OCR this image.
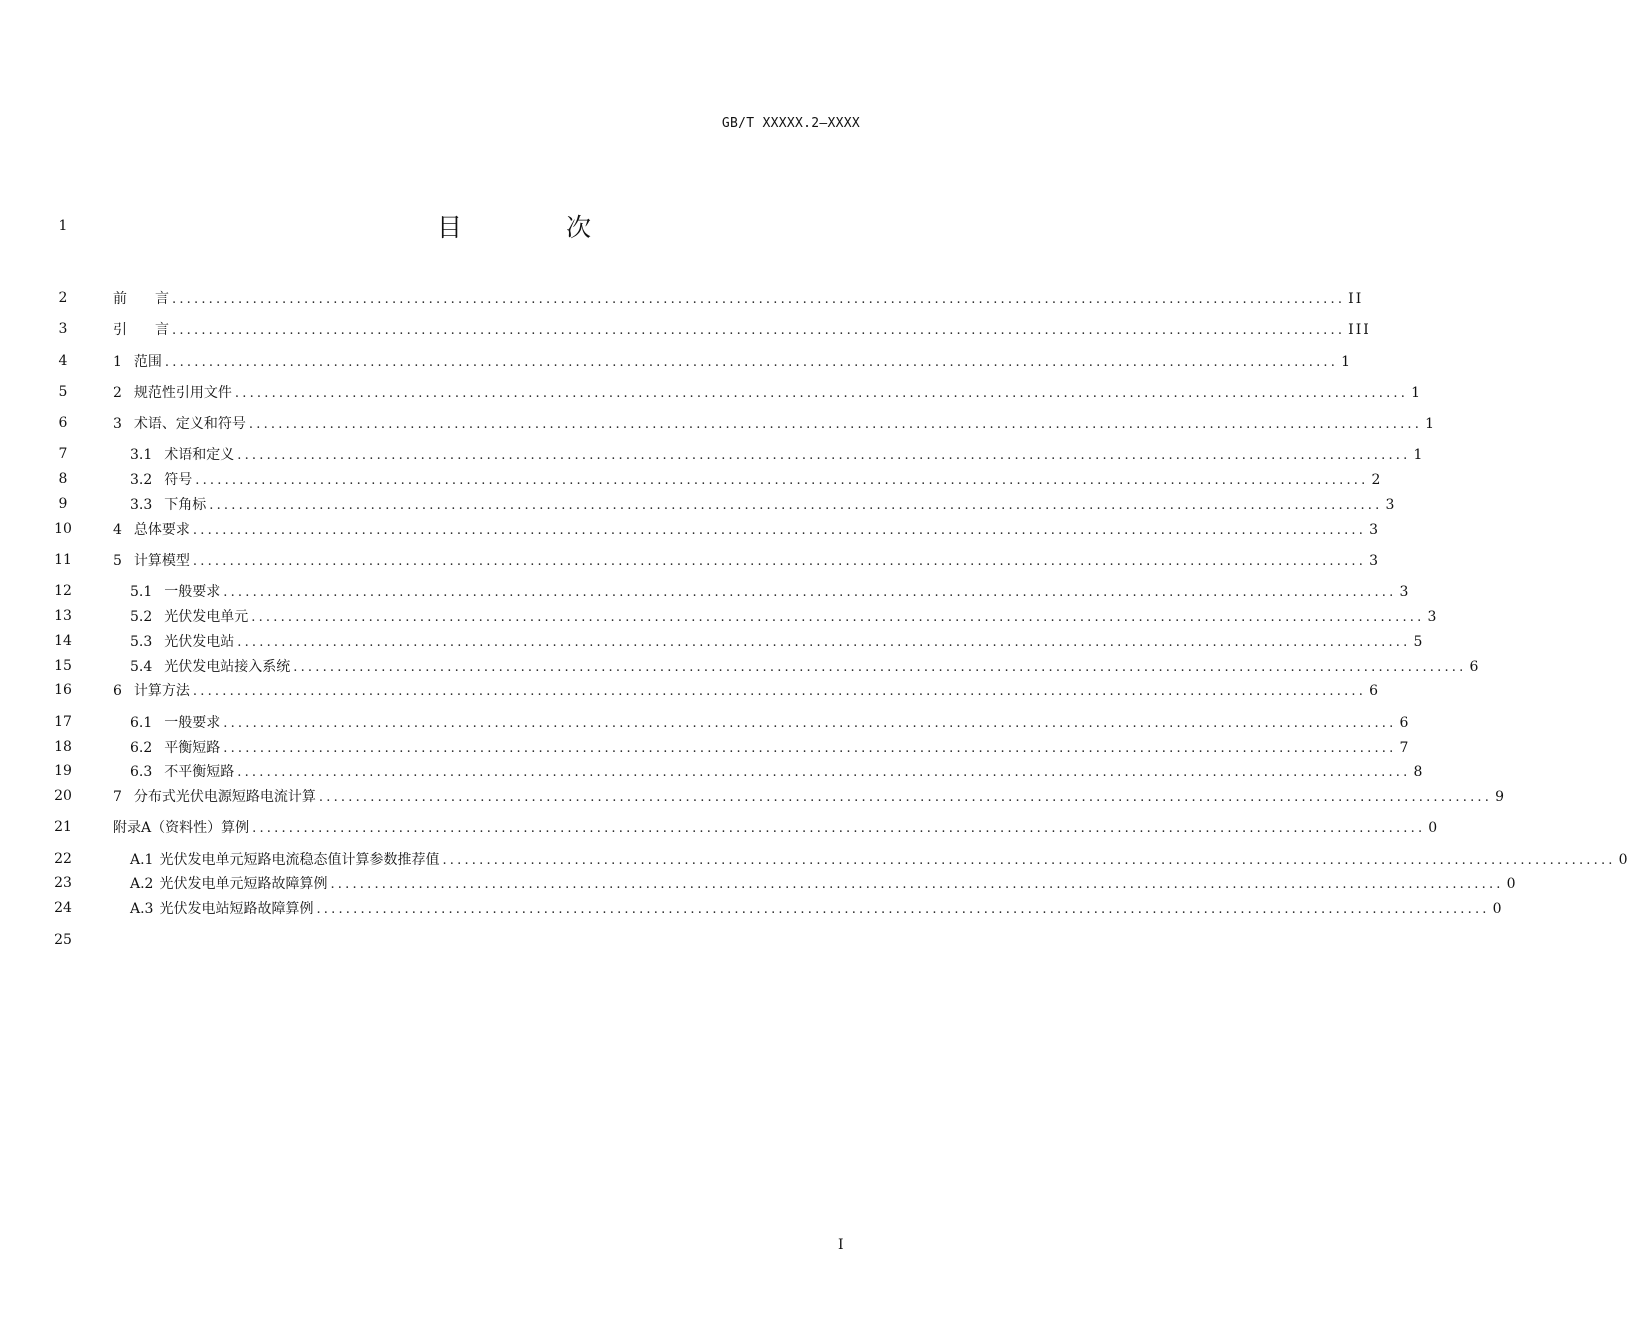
GB/T XXXXX.2—XXXX
1	目 次
2	前　　言 ................................................................................................................................................................ II
3	引　　言 ................................................................................................................................................................ III
4	1 范围 ................................................................................................................................................................ 1
5	2 规范性引用文件 ................................................................................................................................................................ 1
6	3 术语、定义和符号 ................................................................................................................................................................ 1
7	3.1 术语和定义 ................................................................................................................................................................ 1
8	3.2 符号 ................................................................................................................................................................ 2
9	3.3 下角标 ................................................................................................................................................................ 3
10	4 总体要求 ................................................................................................................................................................ 3
11	5 计算模型 ................................................................................................................................................................ 3
12	5.1 一般要求 ................................................................................................................................................................ 3
13	5.2 光伏发电单元 ................................................................................................................................................................ 3
14	5.3 光伏发电站 ................................................................................................................................................................ 5
15	5.4 光伏发电站接入系统 ................................................................................................................................................................ 6
16	6 计算方法 ................................................................................................................................................................ 6
17	6.1 一般要求 ................................................................................................................................................................ 6
18	6.2 平衡短路 ................................................................................................................................................................ 7
19	6.3 不平衡短路 ................................................................................................................................................................ 8
20	7 分布式光伏电源短路电流计算 ................................................................................................................................................................ 9
21	附录A（资料性）算例 ................................................................................................................................................................ 0
22	A.1 光伏发电单元短路电流稳态值计算参数推荐值 ................................................................................................................................................................ 0
23	A.2 光伏发电单元短路故障算例 ................................................................................................................................................................ 0
24	A.3 光伏发电站短路故障算例 ................................................................................................................................................................ 0
25
I
